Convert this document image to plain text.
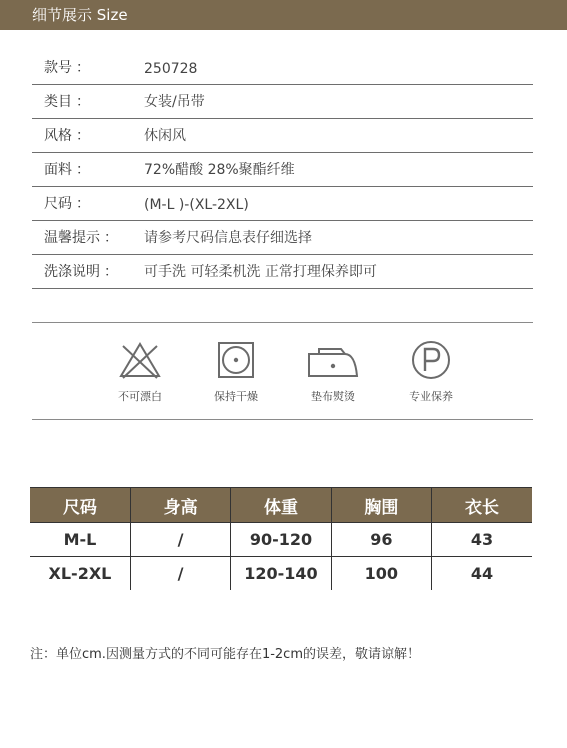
细节展示 Size
款号 ：	250728
类目 ：	女装/吊带
风格 ：	休闲风
面料 ：	72%醋酸 28%聚酯纤维
尺码 ：	(M-L )-(XL-2XL)
温馨提示 ： 请参考尺码信息表仔细选择
洗涤说明 ： 可手洗 可轻柔机洗 正常打理保养即可
不可漂白	保持干燥	垫布熨烫	专业保养
尺码	身高	体重	胸围	衣长
M-L	/	90-120	96	43
XL-2XL	/	120-140	100	44
注：单位cm.因测量方式的不同可能存在1-2cm的误差，敬请谅解！
